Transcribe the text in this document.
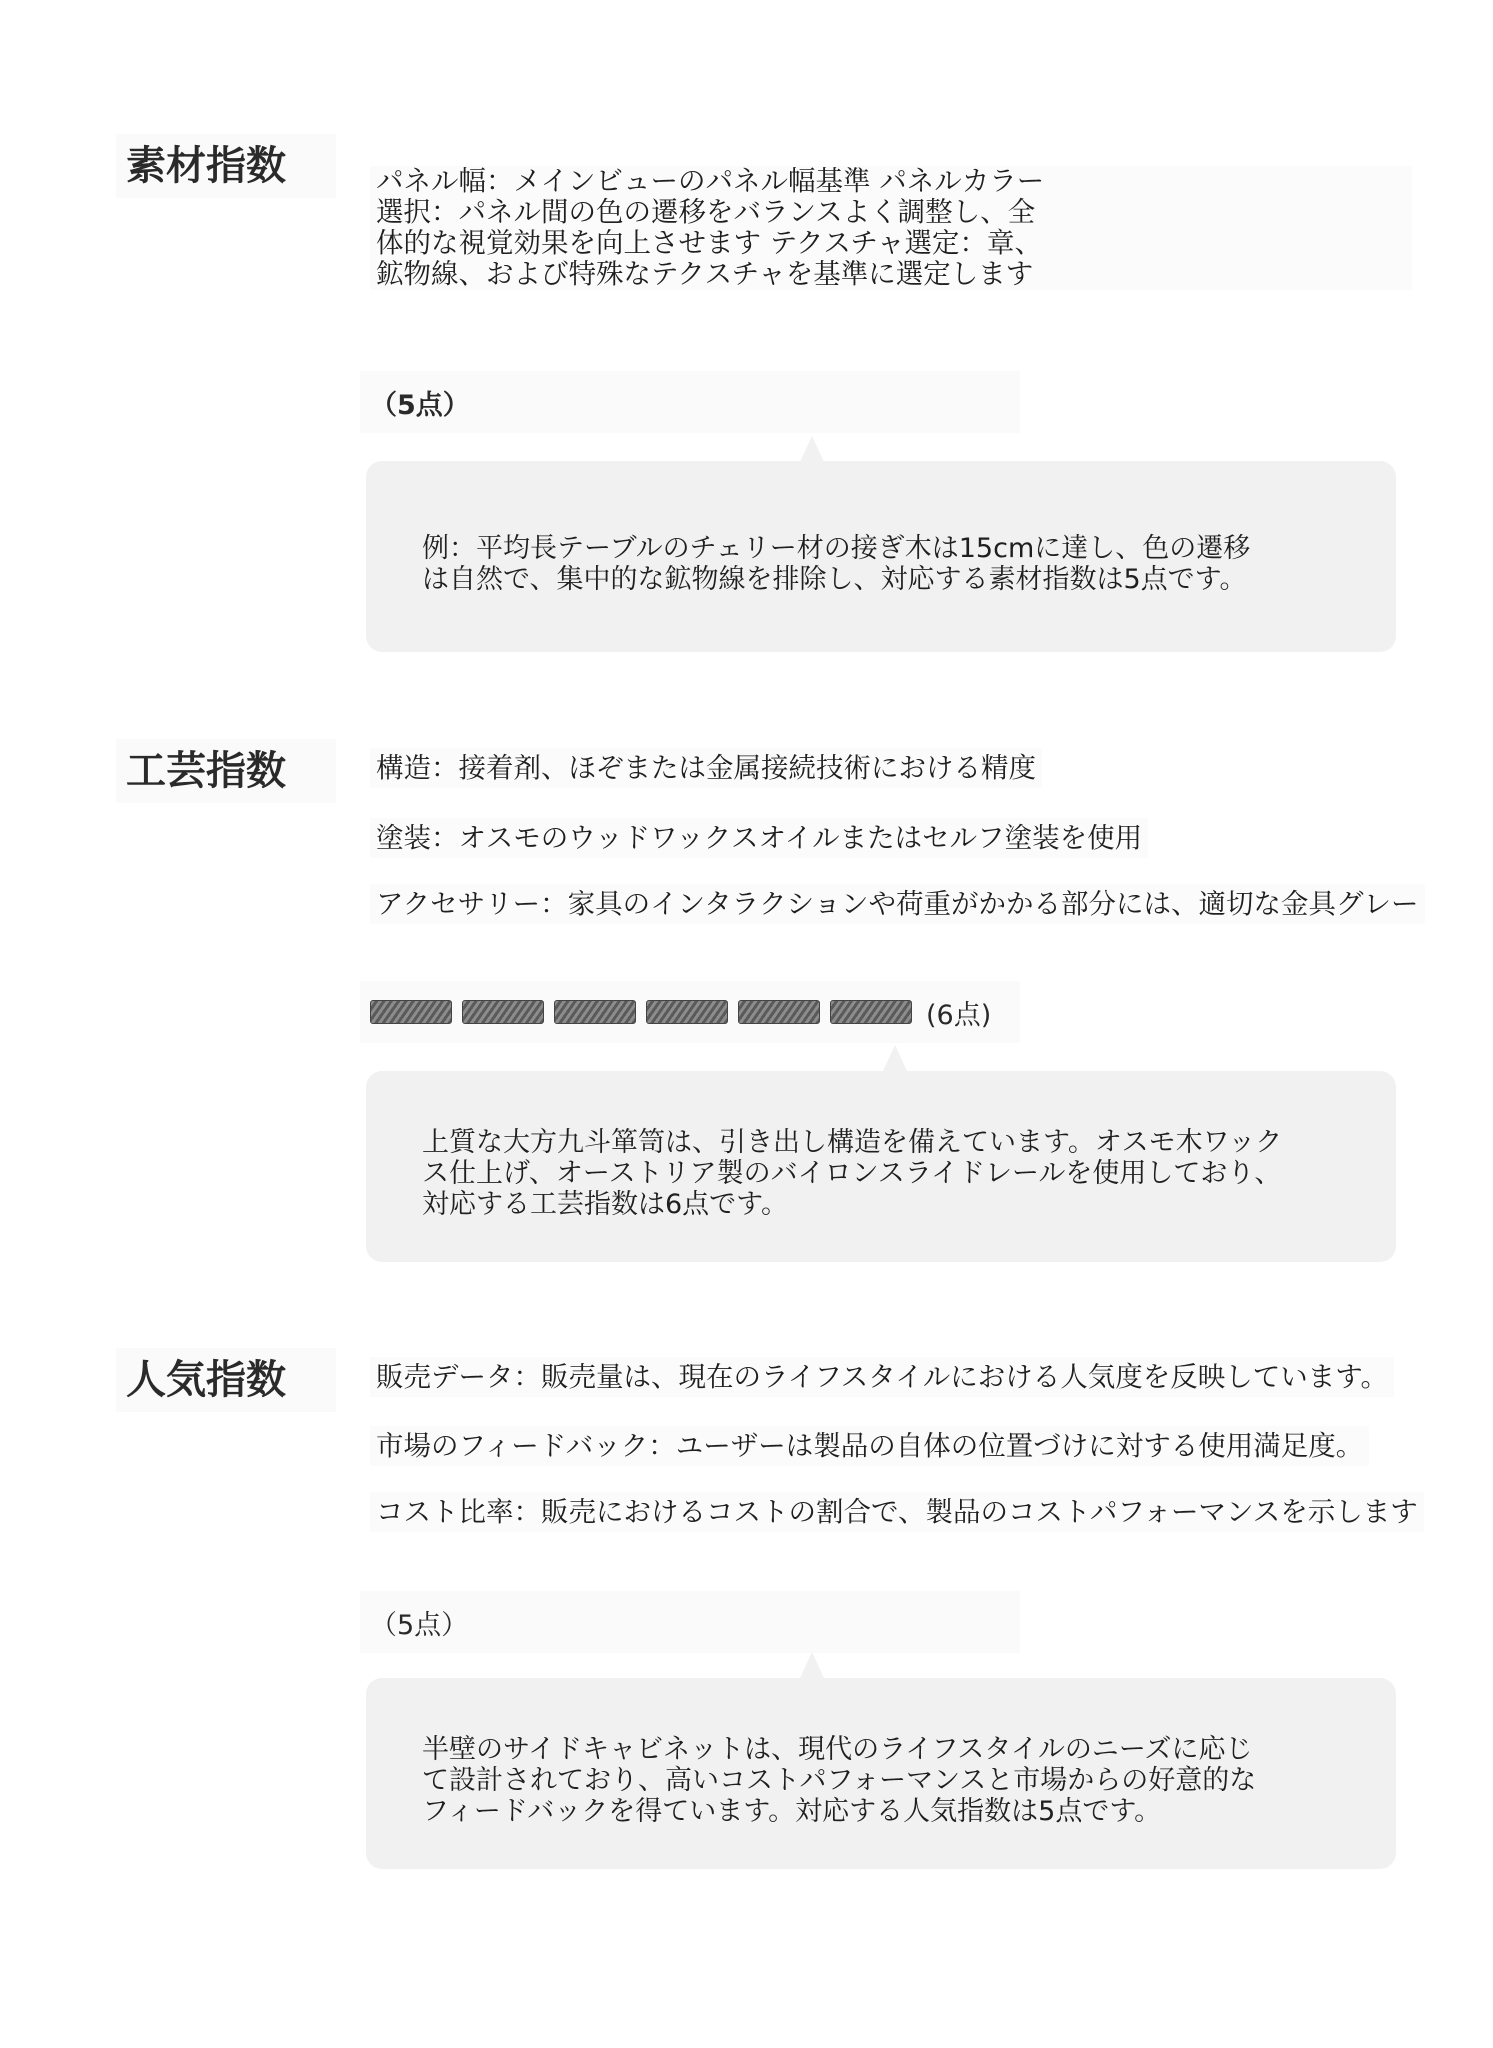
素材指数	パネル幅：メインビューのパネル幅基準 パネルカラー
選択：パネル間の色の遷移をバランスよく調整し、全
体的な視覚効果を向上させます テクスチャ選定：章、
鉱物線、および特殊なテクスチャを基準に選定します
（5点）

例：平均長テーブルのチェリー材の接ぎ木は15cmに達し、色の遷移
は自然で、集中的な鉱物線を排除し、対応する素材指数は5点です。

工芸指数	構造：接着剤、ほぞまたは金属接続技術における精度

塗装：オスモのウッドワックスオイルまたはセルフ塗装を使用

アクセサリー：家具のインタラクションや荷重がかかる部分には、適切な金具グレー

(6点)

上質な大方九斗箪笥は、引き出し構造を備えています。オスモ木ワック
ス仕上げ、オーストリア製のバイロンスライドレールを使用しており、
対応する工芸指数は6点です。

人気指数	販売データ：販売量は、現在のライフスタイルにおける人気度を反映しています。

市場のフィードバック：ユーザーは製品の自体の位置づけに対する使用満足度。

コスト比率：販売におけるコストの割合で、製品のコストパフォーマンスを示します

（5点）

半壁のサイドキャビネットは、現代のライフスタイルのニーズに応じ
て設計されており、高いコストパフォーマンスと市場からの好意的な
フィードバックを得ています。対応する人気指数は5点です。
